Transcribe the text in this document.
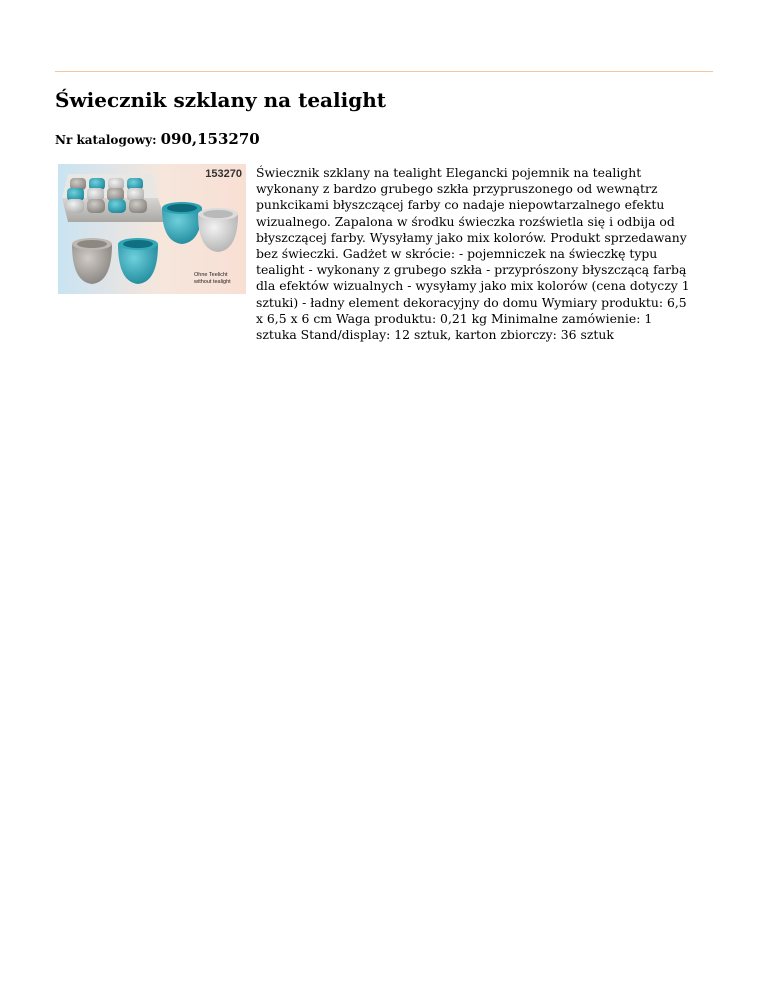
Świecznik szklany na tealight
Nr katalogowy: 090,153270
153270
Ohne Teelicht
without tealight

Świecznik szklany na tealight Elegancki pojemnik na tealight
wykonany z bardzo grubego szkła przypruszonego od wewnątrz
punkcikami błyszczącej farby co nadaje niepowtarzalnego efektu
wizualnego. Zapalona w środku świeczka rozświetla się i odbija od
błyszczącej farby. Wysyłamy jako mix kolorów. Produkt sprzedawany
bez świeczki. Gadżet w skrócie: - pojemniczek na świeczkę typu
tealight - wykonany z grubego szkła - przyprószony błyszczącą farbą
dla efektów wizualnych - wysyłamy jako mix kolorów (cena dotyczy 1
sztuki) - ładny element dekoracyjny do domu Wymiary produktu: 6,5
x 6,5 x 6 cm Waga produktu: 0,21 kg Minimalne zamówienie: 1
sztuka Stand/display: 12 sztuk, karton zbiorczy: 36 sztuk
